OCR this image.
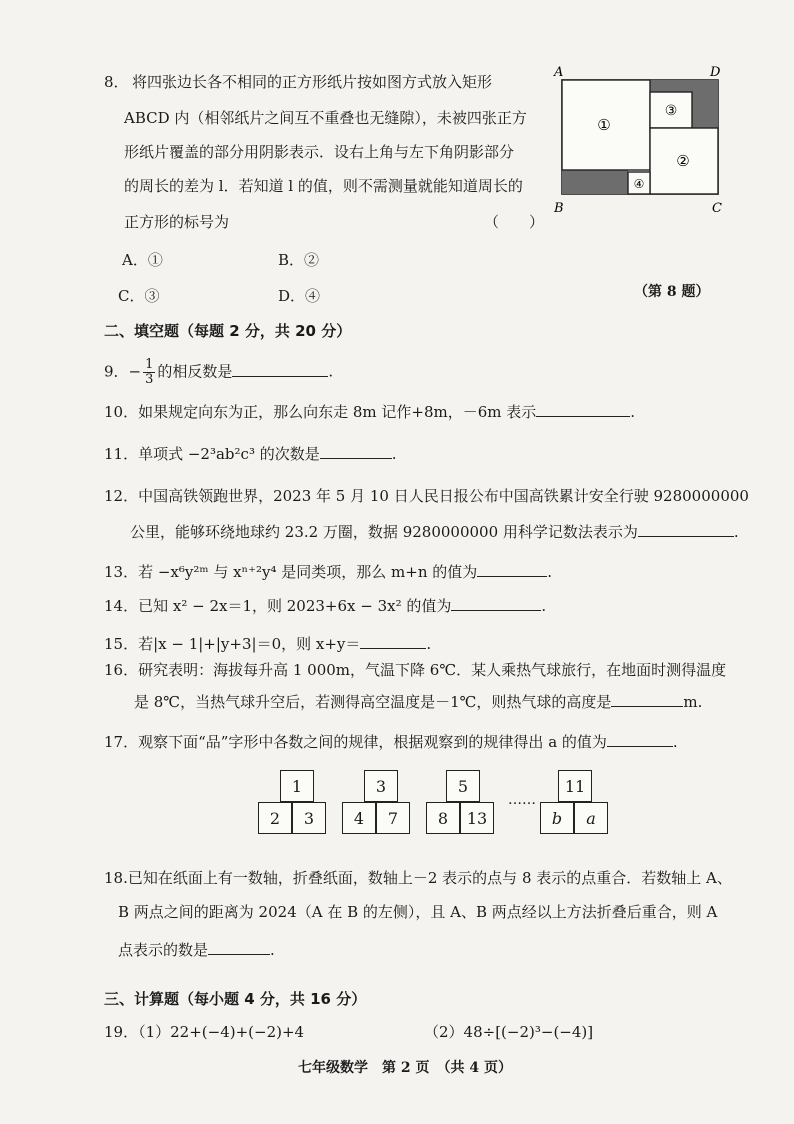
8． 将四张边长各不相同的正方形纸片按如图方式放入矩形
ABCD 内（相邻纸片之间互不重叠也无缝隙），未被四张正方
形纸片覆盖的部分用阴影表示．设右上角与左下角阴影部分
的周长的差为 l．若知道 l 的值，则不需测量就能知道周长的
正方形的标号为	（　　）
A．①	B．②
C．③	D．④
①
②
③
④
A	D
B	C
（第 8 题）
二、填空题（每题 2 分，共 20 分）
9．− $\frac{1}{3}$ 的相反数是	.
10．如果规定向东为正，那么向东走 8m 记作+8m，－6m 表示	.
11．单项式 −2³ab²c³ 的次数是	.
12．中国高铁领跑世界，2023 年 5 月 10 日人民日报公布中国高铁累计安全行驶 9280000000
公里，能够环绕地球约 23.2 万圈，数据 9280000000 用科学记数法表示为	.
13．若 −x⁶y²ᵐ 与 xⁿ⁺²y⁴ 是同类项，那么 m+n 的值为	.
14．已知 x² − 2x＝1，则 2023+6x − 3x² 的值为	.
15．若|x − 1|+|y+3|＝0，则 x+y＝	.
16．研究表明：海拔每升高 1 000m，气温下降 6℃．某人乘热气球旅行，在地面时测得温度
是 8℃，当热气球升空后，若测得高空温度是－1℃，则热气球的高度是	m.
17．观察下面“品”字形中各数之间的规律，根据观察到的规律得出 a 的值为	.
1
2	3
3
4	7
5
8	13
……
11
b	a
18.已知在纸面上有一数轴，折叠纸面，数轴上－2 表示的点与 8 表示的点重合．若数轴上 A、
B 两点之间的距离为 2024（A 在 B 的左侧），且 A、B 两点经以上方法折叠后重合，则 A
点表示的数是	.
三、计算题（每小题 4 分，共 16 分）
19．（1）22+(−4)+(−2)+4	（2）48÷[(−2)³−(−4)]
七年级数学　第 2 页　（共 4 页）
